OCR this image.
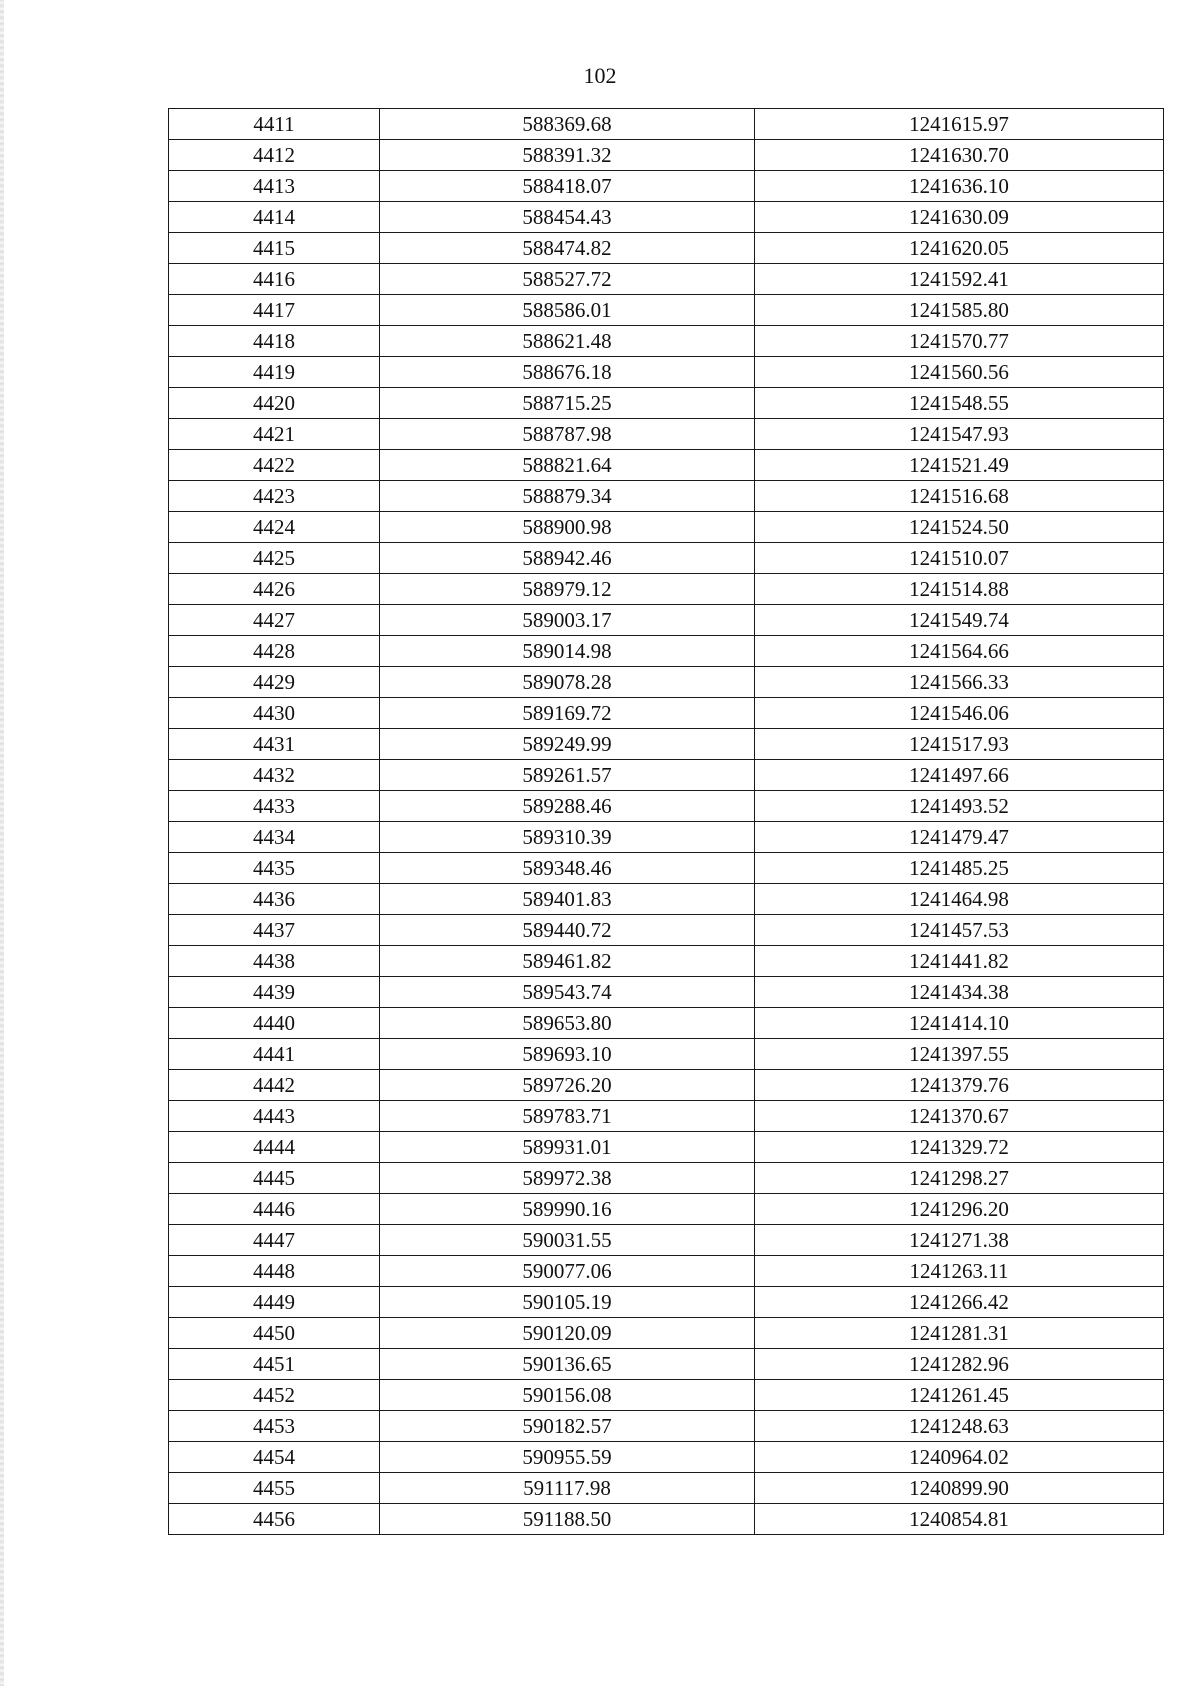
102
4411	588369.68	1241615.97
4412	588391.32	1241630.70
4413	588418.07	1241636.10
4414	588454.43	1241630.09
4415	588474.82	1241620.05
4416	588527.72	1241592.41
4417	588586.01	1241585.80
4418	588621.48	1241570.77
4419	588676.18	1241560.56
4420	588715.25	1241548.55
4421	588787.98	1241547.93
4422	588821.64	1241521.49
4423	588879.34	1241516.68
4424	588900.98	1241524.50
4425	588942.46	1241510.07
4426	588979.12	1241514.88
4427	589003.17	1241549.74
4428	589014.98	1241564.66
4429	589078.28	1241566.33
4430	589169.72	1241546.06
4431	589249.99	1241517.93
4432	589261.57	1241497.66
4433	589288.46	1241493.52
4434	589310.39	1241479.47
4435	589348.46	1241485.25
4436	589401.83	1241464.98
4437	589440.72	1241457.53
4438	589461.82	1241441.82
4439	589543.74	1241434.38
4440	589653.80	1241414.10
4441	589693.10	1241397.55
4442	589726.20	1241379.76
4443	589783.71	1241370.67
4444	589931.01	1241329.72
4445	589972.38	1241298.27
4446	589990.16	1241296.20
4447	590031.55	1241271.38
4448	590077.06	1241263.11
4449	590105.19	1241266.42
4450	590120.09	1241281.31
4451	590136.65	1241282.96
4452	590156.08	1241261.45
4453	590182.57	1241248.63
4454	590955.59	1240964.02
4455	591117.98	1240899.90
4456	591188.50	1240854.81
